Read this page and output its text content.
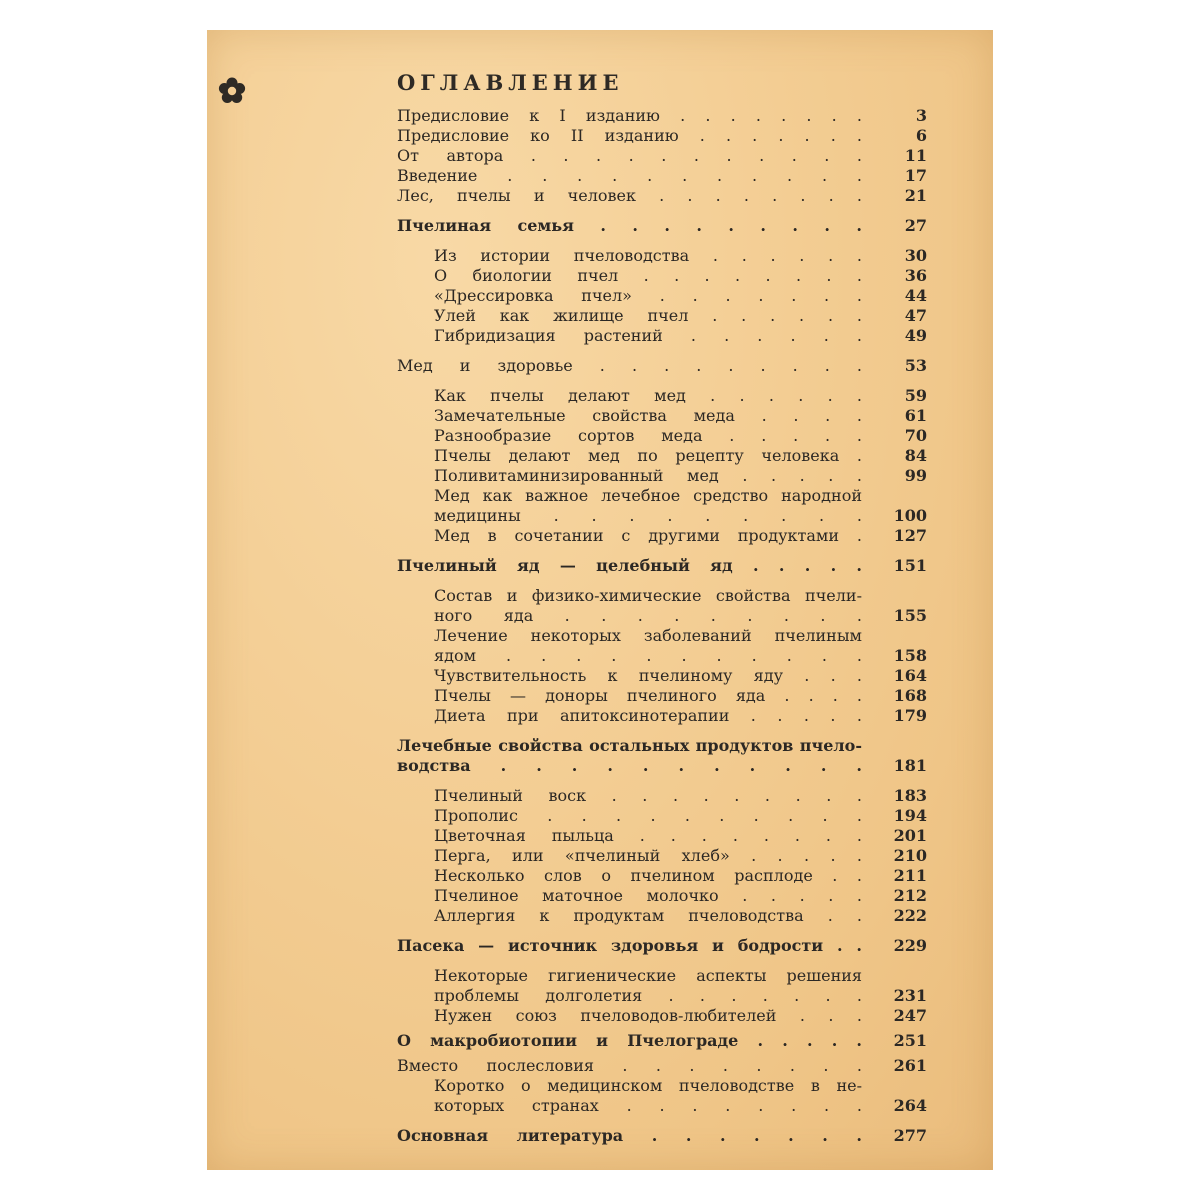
ОГЛАВЛЕНИЕ
Предисловие к I изданию . . . . . . . .	3
Предисловие ко II изданию . . . . . . .	6
От автора . . . . . . . . . . .	11
Введение . . . . . . . . . . .	17
Лес, пчелы и человек . . . . . . . .	21
Пчелиная семья . . . . . . . . .	27
Из истории пчеловодства . . . . . .	30
О биологии пчел . . . . . . . .	36
«Дрессировка пчел» . . . . . . .	44
Улей как жилище пчел . . . . . .	47
Гибридизация растений . . . . . .	49
Мед и здоровье . . . . . . . . .	53
Как пчелы делают мед . . . . . .	59
Замечательные свойства меда . . . .	61
Разнообразие сортов меда . . . . .	70
Пчелы делают мед по рецепту человека .	84
Поливитаминизированный мед . . . . .	99
Мед как важное лечебное средство народной
медицины . . . . . . . . . 100
Мед в сочетании с другими продуктами . 127
Пчелиный яд — целебный яд . . . . . 151
Состав и физико-химические свойства пчели-
ного яда . . . . . . . . . 155
Лечение некоторых заболеваний пчелиным
ядом . . . . . . . . . . . 158
Чувствительность к пчелиному яду . . . 164
Пчелы — доноры пчелиного яда . . . . 168
Диета при апитоксинотерапии . . . . . 179
Лечебные свойства остальных продуктов пчело-
водства . . . . . . . . . . . 181
Пчелиный воск . . . . . . . . . 183
Прополис . . . . . . . . . . 194
Цветочная пыльца . . . . . . . . 201
Перга, или «пчелиный хлеб» . . . . . 210
Несколько слов о пчелином расплоде . . 211
Пчелиное маточное молочко . . . . . 212
Аллергия к продуктам пчеловодства . . 222
Пасека — источник здоровья и бодрости . . 229
Некоторые гигиенические аспекты решения
проблемы долголетия . . . . . . . 231
Нужен союз пчеловодов-любителей . . . 247
О макробиотопии и Пчелограде . . . . . 251
Вместо послесловия . . . . . . . . 261
Коротко о медицинском пчеловодстве в не-
которых странах . . . . . . . . 264
Основная литература . . . . . . . 277
